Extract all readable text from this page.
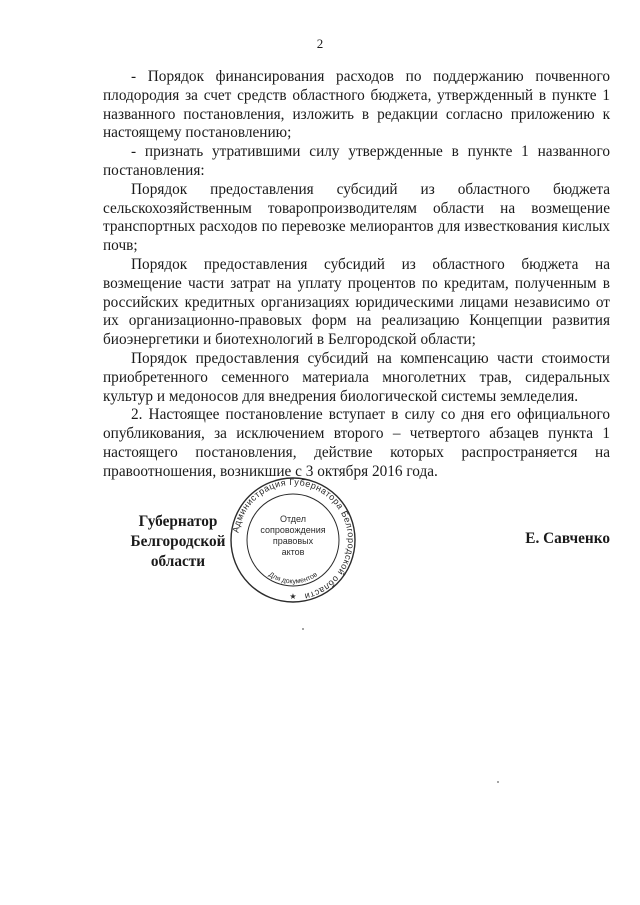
2

- Порядок финансирования расходов по поддержанию почвенного плодородия за счет средств областного бюджета, утвержденный в пункте 1 названного постановления, изложить в редакции согласно приложению к настоящему постановлению;

- признать утратившими силу утвержденные в пункте 1 названного постановления:

Порядок предоставления субсидий из областного бюджета сельскохозяйственным товаропроизводителям области на возмещение транспортных расходов по перевозке мелиорантов для известкования кислых почв;

Порядок предоставления субсидий из областного бюджета на возмещение части затрат на уплату процентов по кредитам, полученным в российских кредитных организациях юридическими лицами независимо от их организационно-правовых форм на реализацию Концепции развития биоэнергетики и биотехнологий в Белгородской области;

Порядок предоставления субсидий на компенсацию части стоимости приобретенного семенного материала многолетних трав, сидеральных культур и медоносов для внедрения биологической системы земледелия.

2. Настоящее постановление вступает в силу со дня его официального опубликования, за исключением второго – четвертого абзацев пункта 1 настоящего постановления, действие которых распространяется на правоотношения, возникшие с 3 октября 2016 года.

Губернатор
Белгородской области
Е. Савченко
Администрация Губернатора Белгородской области
Для документов
Отдел
сопровождения
правовых
актов
★
